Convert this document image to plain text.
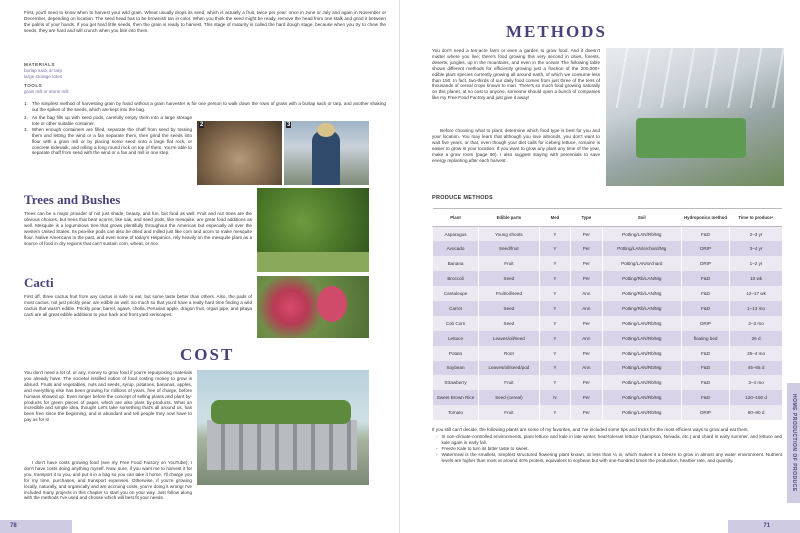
First, you'll need to know when to harvest your wild grain. Wheat usually drops its seed, which is actually a fruit, twice per year: once in June or July and again in November or December, depending on location. The seed head has to be brownish tan in color. When you think the seed might be ready, remove the head from one stalk and grind it between the palms of your hands. If you get hard little seeds, then the grain is ready to harvest. This stage of maturity is called the hard dough stage, because when you try to chew the seeds, they are hard and will crunch when you bite into them.

MATERIALS
burlap sack or tarp
large storage totes
TOOLS
grain mill or stone mill
1. The simplest method of harvesting grain by hand without a grain harvester is for one person to walk down the rows of grass with a burlap sack or tarp, and another shaking out the spikes of the seeds, which are kept into the bag.
2. As the bag fills up with seed pods, carefully empty them into a large storage tote or other suitable container.
3. When enough containers are filled, separate the chaff from seed by tossing them and letting the wind or a fan separate them, then grind the seeds into flour with a grain mill or by placing some seed onto a large flat rock, or concrete sidewalk, and rolling a long round rock on top of them. You're able to separate chaff from seed with the wind or a fan and mill in one step.
2	3
Trees and Bushes

Trees can be a major provider of not just shade, beauty, and fun, but food as well. Fruit and nut trees are the obvious choices, but trees that bear acorns, like oak, and seed pods, like mesquite, are great food additions as well. Mesquite is a leguminous tree that grows plentifully throughout the Americas but especially all over the western United States. Its pea-like pods can also be dried and milled just like corn and acorn to make mesquite flour. Native Americans in the past, and even some of today's Hispanics, rely heavily on the mesquite plant as a source of food in dry regions that can't sustain corn, wheat, or rice.

Cacti

First off, three cactus fruit from any cactus is safe to eat, but some taste better than others. Also, the pads of most cactus, not just prickly pear, are edible as well. So much so that you'd have a really hard time finding a wild cactus that wasn't edible. Prickly pear, barrel, agave, cholla, Peruvian apple, dragon fruit, organ pipe, and pitaya cacti are all great edible additions to your back and front yard xeriscapes.

COST

You don't need a lot of, or any, money to grow food if you're repurposing materials you already have. The societal instilled notion of food costing money to grow is absurd. Fruits and vegetables, nuts and seeds, syrup, potatoes, bananas, apples, and everything else has been growing for millions of years, free of charge, before humans showed up. Even longer before the concept of selling plants and plant by-products for green pieces of paper, which are also plant by-products. What an incredible and simple idea, though! Let's take something that's all around us, has been free since the beginning, and is abundant and tell people they now have to pay us for it!

I don't have costs growing food (see my Free Food Factory on YouTube); I don't have costs doing anything myself. Now, sure, if you want me to harvest it for you, transport it to you, and put it in a bag so you can take it home, I'll charge you for my time, purchases, and transport expenses. Otherwise, if you're growing locally, naturally, and organically and are accruing costs, you're doing it wrong! I've included many projects in this chapter to start you on your way. Just follow along with the methods I've used and choose which will best fit your needs.

78
METHODS

You don't need a ten-acre farm or even a garden to grow food. And it doesn't matter where you live; there's food growing this very second in cities, forests, deserts, jungles, up in the mountains, and even in the ocean! The following table shows different methods for efficiently growing just a fraction of the 200,000+ edible plant species currently growing all around earth, of which we consume less than 150. In fact, two-thirds of our daily food comes from just three of the tens of thousands of cereal crops known to man. There's so much food growing naturally on this planet, at no cost to anyone, someone should open a bunch of companies like my Free Food Factory and just give it away!

Before choosing what to plant, determine which food type is best for you and your location. You may learn that although you love almonds, you don't want to wait five years, or that, even though your diet calls for iceberg lettuce, romaine is easier to grow in your location. If you want to grow any plant any time of the year, make a grow room (page 96). I also suggest staying with perennials to save energy replanting after each harvest.

PRODUCE METHODS
Plant	Edible parts	Med	Type	Soil	Hydroponics method	Time to produce¹
Asparagus	Young shoots	Y	Per	Potting/LAN/Rb/Mg	F&D	2–3 yr
Avocado	Seed/fruit	Y	Per	Potting/LAN/orchard/Mg	DRIP	3–4 yr
Banana	Fruit	Y	Per	Potting/LAN/orchard	DRIP	1–2 yr
Broccoli	Seed	Y	Per	Potting/Rb/LAN/Mg	F&D	10 wk
Cantaloupe	Fruit/oil/seed	Y	Ann	Potting/Rb/LAN/Mg	F&D	12–17 wk
Carrot	Seed	Y	Ann	Potting/Rb/LAN/Mg	F&D	1–13 mo
Cob Corn	Seed	Y	Per	Potting/LAN/Rb/Mg	DRIP	2–3 mo
Lettuce	Leaves/oil/seed	Y	Ann	Potting/LAN/Rb/Mg	floating bed	26 d
Potato	Root	Y	Per	Potting/LAN/Rb/Mg	F&D	25–4 mo
Soybean	Leaves/oil/seed/pod	Y	Ann	Potting/LAN/Rb/Mg	F&D	45–65 d
Strawberry	Fruit	Y	Per	Potting/LAN/Rb/Mg	F&D	3–4 mo
Sweet Brown Rice	Seed (cereal)	N	Per	Potting/LAN/Rb/Mg	F&D	120–150 d
Tomato	Fruit	Y	Per	Potting/LAN/Rb/Mg	DRIP	60–80 d

If you still can't decide, the following plants are some of my favorites, and I've included some tips and tricks for the most efficient ways to grow and eat them.

- In non-climate-controlled environments, plant lettuce and kale in late winter, heat-tolerant lettuce (Sampson, Nevada, etc.) and chard in early summer, and lettuce and kale again in early fall.
- Freeze Kale to turn its bitter taste to sweet.
- Watermeal is the smallest, simplest structured flowering plant known, at less than ¼ in, which makes it a breeze to grow in almost any water environment. Nutrient levels are higher than most at around 40% protein, equivalent to soybean but with one-hundred times the production, heartier rate, and quantity.	HOME PRODUCTION OF PRODUCE
71
